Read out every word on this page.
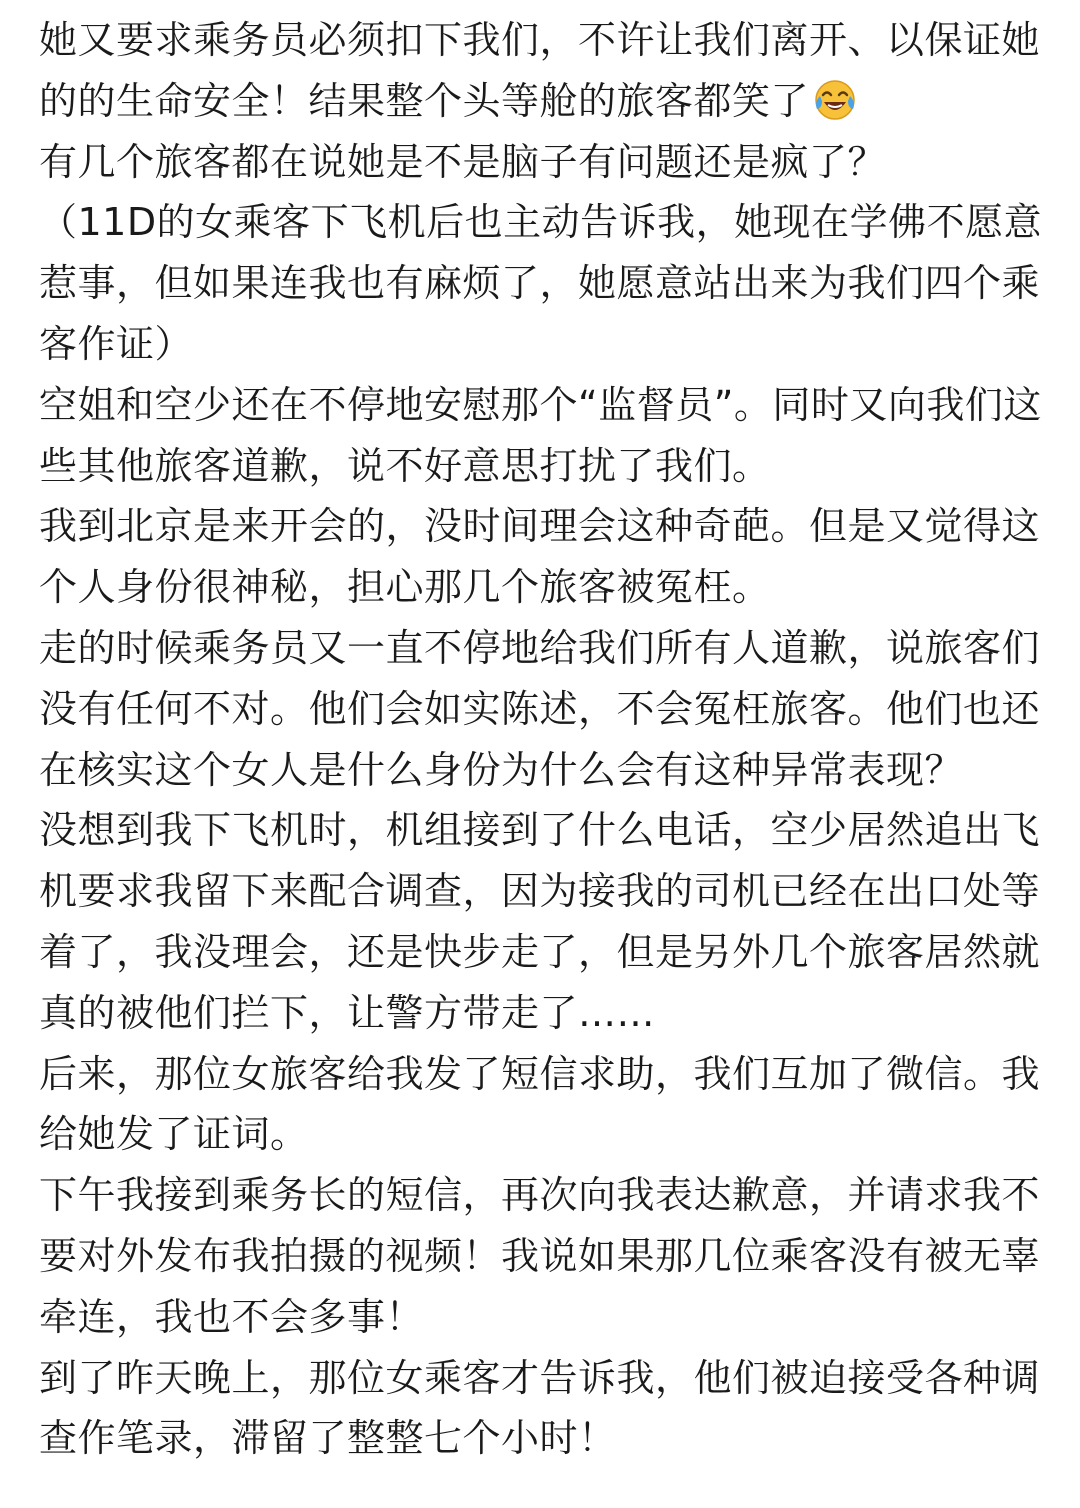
她又要求乘务员必须扣下我们，不许让我们离开、以保证她的的生命安全！结果整个头等舱的旅客都笑了

有几个旅客都在说她是不是脑子有问题还是疯了？

（11D的女乘客下飞机后也主动告诉我，她现在学佛不愿意惹事，但如果连我也有麻烦了，她愿意站出来为我们四个乘客作证）

空姐和空少还在不停地安慰那个“监督员”。同时又向我们这些其他旅客道歉，说不好意思打扰了我们。

我到北京是来开会的，没时间理会这种奇葩。但是又觉得这个人身份很神秘，担心那几个旅客被冤枉。

走的时候乘务员又一直不停地给我们所有人道歉，说旅客们没有任何不对。他们会如实陈述，不会冤枉旅客。他们也还在核实这个女人是什么身份为什么会有这种异常表现？

没想到我下飞机时，机组接到了什么电话，空少居然追出飞机要求我留下来配合调查，因为接我的司机已经在出口处等着了，我没理会，还是快步走了，但是另外几个旅客居然就真的被他们拦下，让警方带走了……

后来，那位女旅客给我发了短信求助，我们互加了微信。我给她发了证词。

下午我接到乘务长的短信，再次向我表达歉意，并请求我不要对外发布我拍摄的视频！我说如果那几位乘客没有被无辜牵连，我也不会多事！

到了昨天晚上，那位女乘客才告诉我，他们被迫接受各种调查作笔录，滞留了整整七个小时！
